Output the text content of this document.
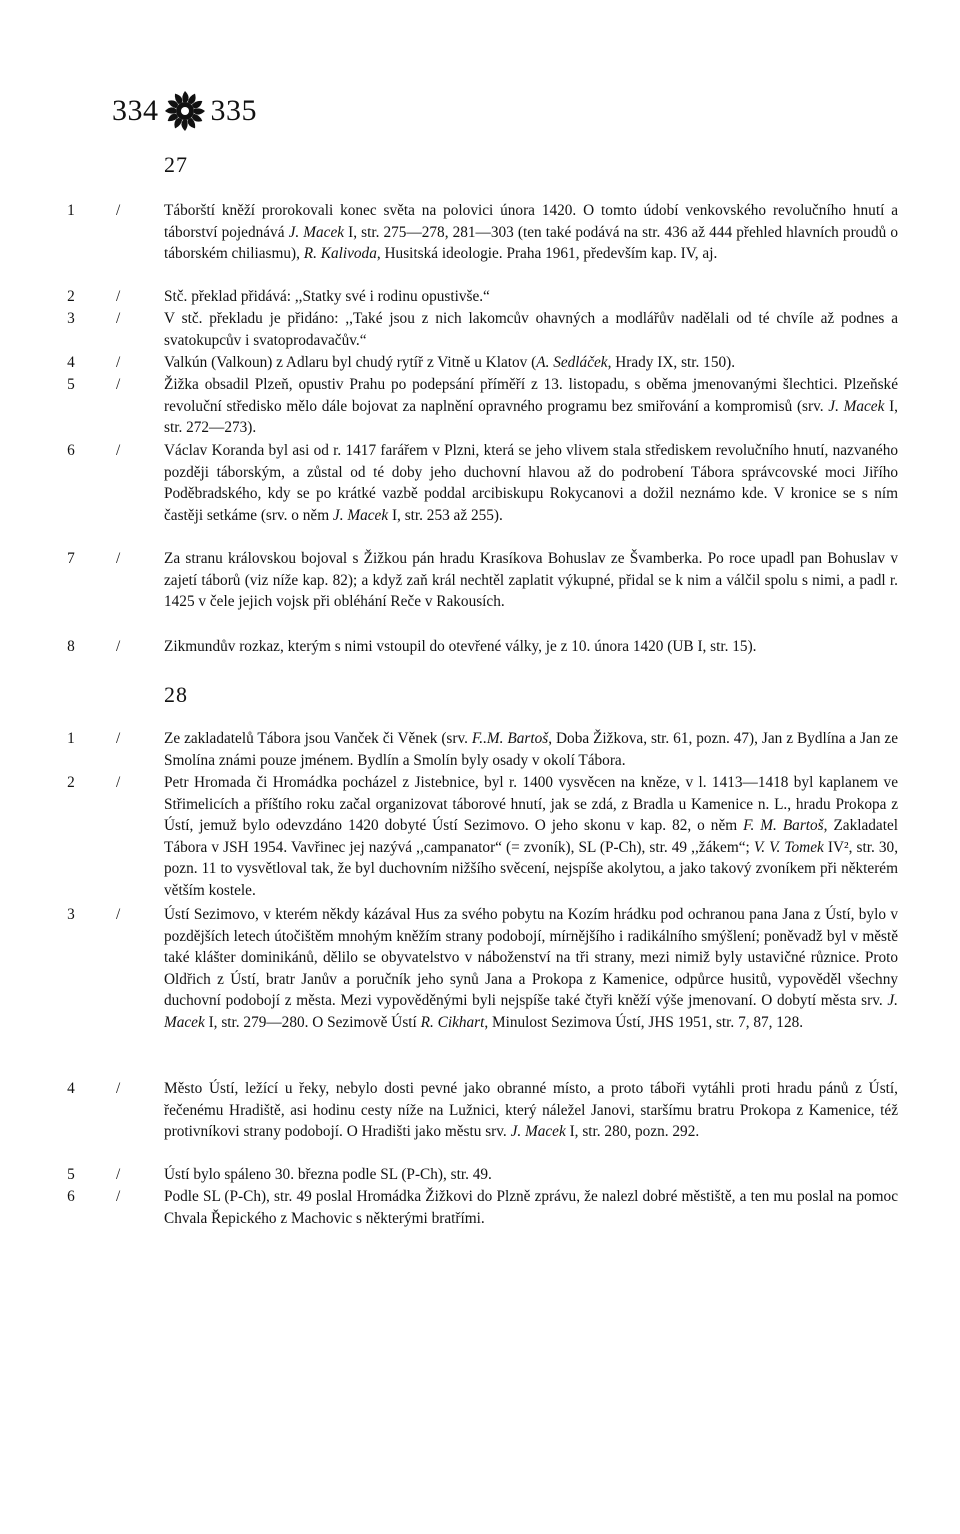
334 335
27
1	/	Táborští kněží prorokovali konec světa na polovici února 1420. O tomto údobí venkovského revolučního hnutí a táborství pojednává J. Macek I, str. 275—278, 281—303 (ten také podává na str. 436 až 444 přehled hlavních proudů o táborském chiliasmu), R. Kalivoda, Husitská ideologie. Praha 1961, především kap. IV, aj.
2	/	Stč. překlad přidává: ,,Statky své i rodinu opustivše.“
3	/	V stč. překladu je přidáno: ,,Také jsou z nich lakomcův ohavných a modlářův nadělali od té chvíle až podnes a svatokupcův i svatoprodavačův.“
4	/	Valkún (Valkoun) z Adlaru byl chudý rytíř z Vitně u Klatov (A. Sedláček, Hrady IX, str. 150).
5	/	Žižka obsadil Plzeň, opustiv Prahu po podepsání příměří z 13. listopadu, s oběma jmenovanými šlechtici. Plzeňské revoluční středisko mělo dále bojovat za naplnění opravného programu bez smiřování a kompromisů (srv. J. Macek I, str. 272—273).
6	/	Václav Koranda byl asi od r. 1417 farářem v Plzni, která se jeho vlivem stala střediskem revolučního hnutí, nazvaného později táborským, a zůstal od té doby jeho duchovní hlavou až do podrobení Tábora správcovské moci Jiřího Poděbradského, kdy se po krátké vazbě poddal arcibiskupu Rokycanovi a dožil neznámo kde. V kronice se s ním častěji setkáme (srv. o něm J. Macek I, str. 253 až 255).
7	/	Za stranu královskou bojoval s Žižkou pán hradu Krasíkova Bohuslav ze Švamberka. Po roce upadl pan Bohuslav v zajetí táborů (viz níže kap. 82); a když zaň král nechtěl zaplatit výkupné, přidal se k nim a válčil spolu s nimi, a padl r. 1425 v čele jejich vojsk při obléhání Reče v Rakousích.
8	/	Zikmundův rozkaz, kterým s nimi vstoupil do otevřené války, je z 10. února 1420 (UB I, str. 15).
28
1	/	Ze zakladatelů Tábora jsou Vanček či Věnek (srv. F..M. Bartoš, Doba Žižkova, str. 61, pozn. 47), Jan z Bydlína a Jan ze Smolína známi pouze jménem. Bydlín a Smolín byly osady v okolí Tábora.
2	/	Petr Hromada či Hromádka pocházel z Jistebnice, byl r. 1400 vysvěcen na kněze, v l. 1413—1418 byl kaplanem ve Střimelicích a příštího roku začal organizovat táborové hnutí, jak se zdá, z Bradla u Kamenice n. L., hradu Prokopa z Ústí, jemuž bylo odevzdáno 1420 dobyté Ústí Sezimovo. O jeho skonu v kap. 82, o něm F. M. Bartoš, Zakladatel Tábora v JSH 1954. Vavřinec jej nazývá ,,campanator“ (= zvoník), SL (P-Ch), str. 49 ,,žákem“; V. V. Tomek IV², str. 30, pozn. 11 to vysvětloval tak, že byl duchovním nižšího svěcení, nejspíše akolytou, a jako takový zvoníkem při některém větším kostele.
3	/	Ústí Sezimovo, v kterém někdy kázával Hus za svého pobytu na Kozím hrádku pod ochranou pana Jana z Ústí, bylo v pozdějších letech útočištěm mnohým kněžím strany podobojí, mírnějšího i radikálního smýšlení; poněvadž byl v městě také klášter dominikánů, dělilo se obyvatelstvo v náboženství na tři strany, mezi nimiž byly ustavičné různice. Proto Oldřich z Ústí, bratr Janův a poručník jeho synů Jana a Prokopa z Kamenice, odpůrce husitů, vypověděl všechny duchovní podobojí z města. Mezi vypověděnými byli nejspíše také čtyři kněží výše jmenovaní. O dobytí města srv. J. Macek I, str. 279—280. O Sezimově Ústí R. Cikhart, Minulost Sezimova Ústí, JHS 1951, str. 7, 87, 128.
4	/	Město Ústí, ležící u řeky, nebylo dosti pevné jako obranné místo, a proto táboři vytáhli proti hradu pánů z Ústí, řečenému Hradiště, asi hodinu cesty níže na Lužnici, který náležel Janovi, staršímu bratru Prokopa z Kamenice, též protivníkovi strany podobojí. O Hradišti jako městu srv. J. Macek I, str. 280, pozn. 292.
5	/	Ústí bylo spáleno 30. března podle SL (P-Ch), str. 49.
6	/	Podle SL (P-Ch), str. 49 poslal Hromádka Žižkovi do Plzně zprávu, že nalezl dobré městiště, a ten mu poslal na pomoc Chvala Řepického z Machovic s některými bratřími.
